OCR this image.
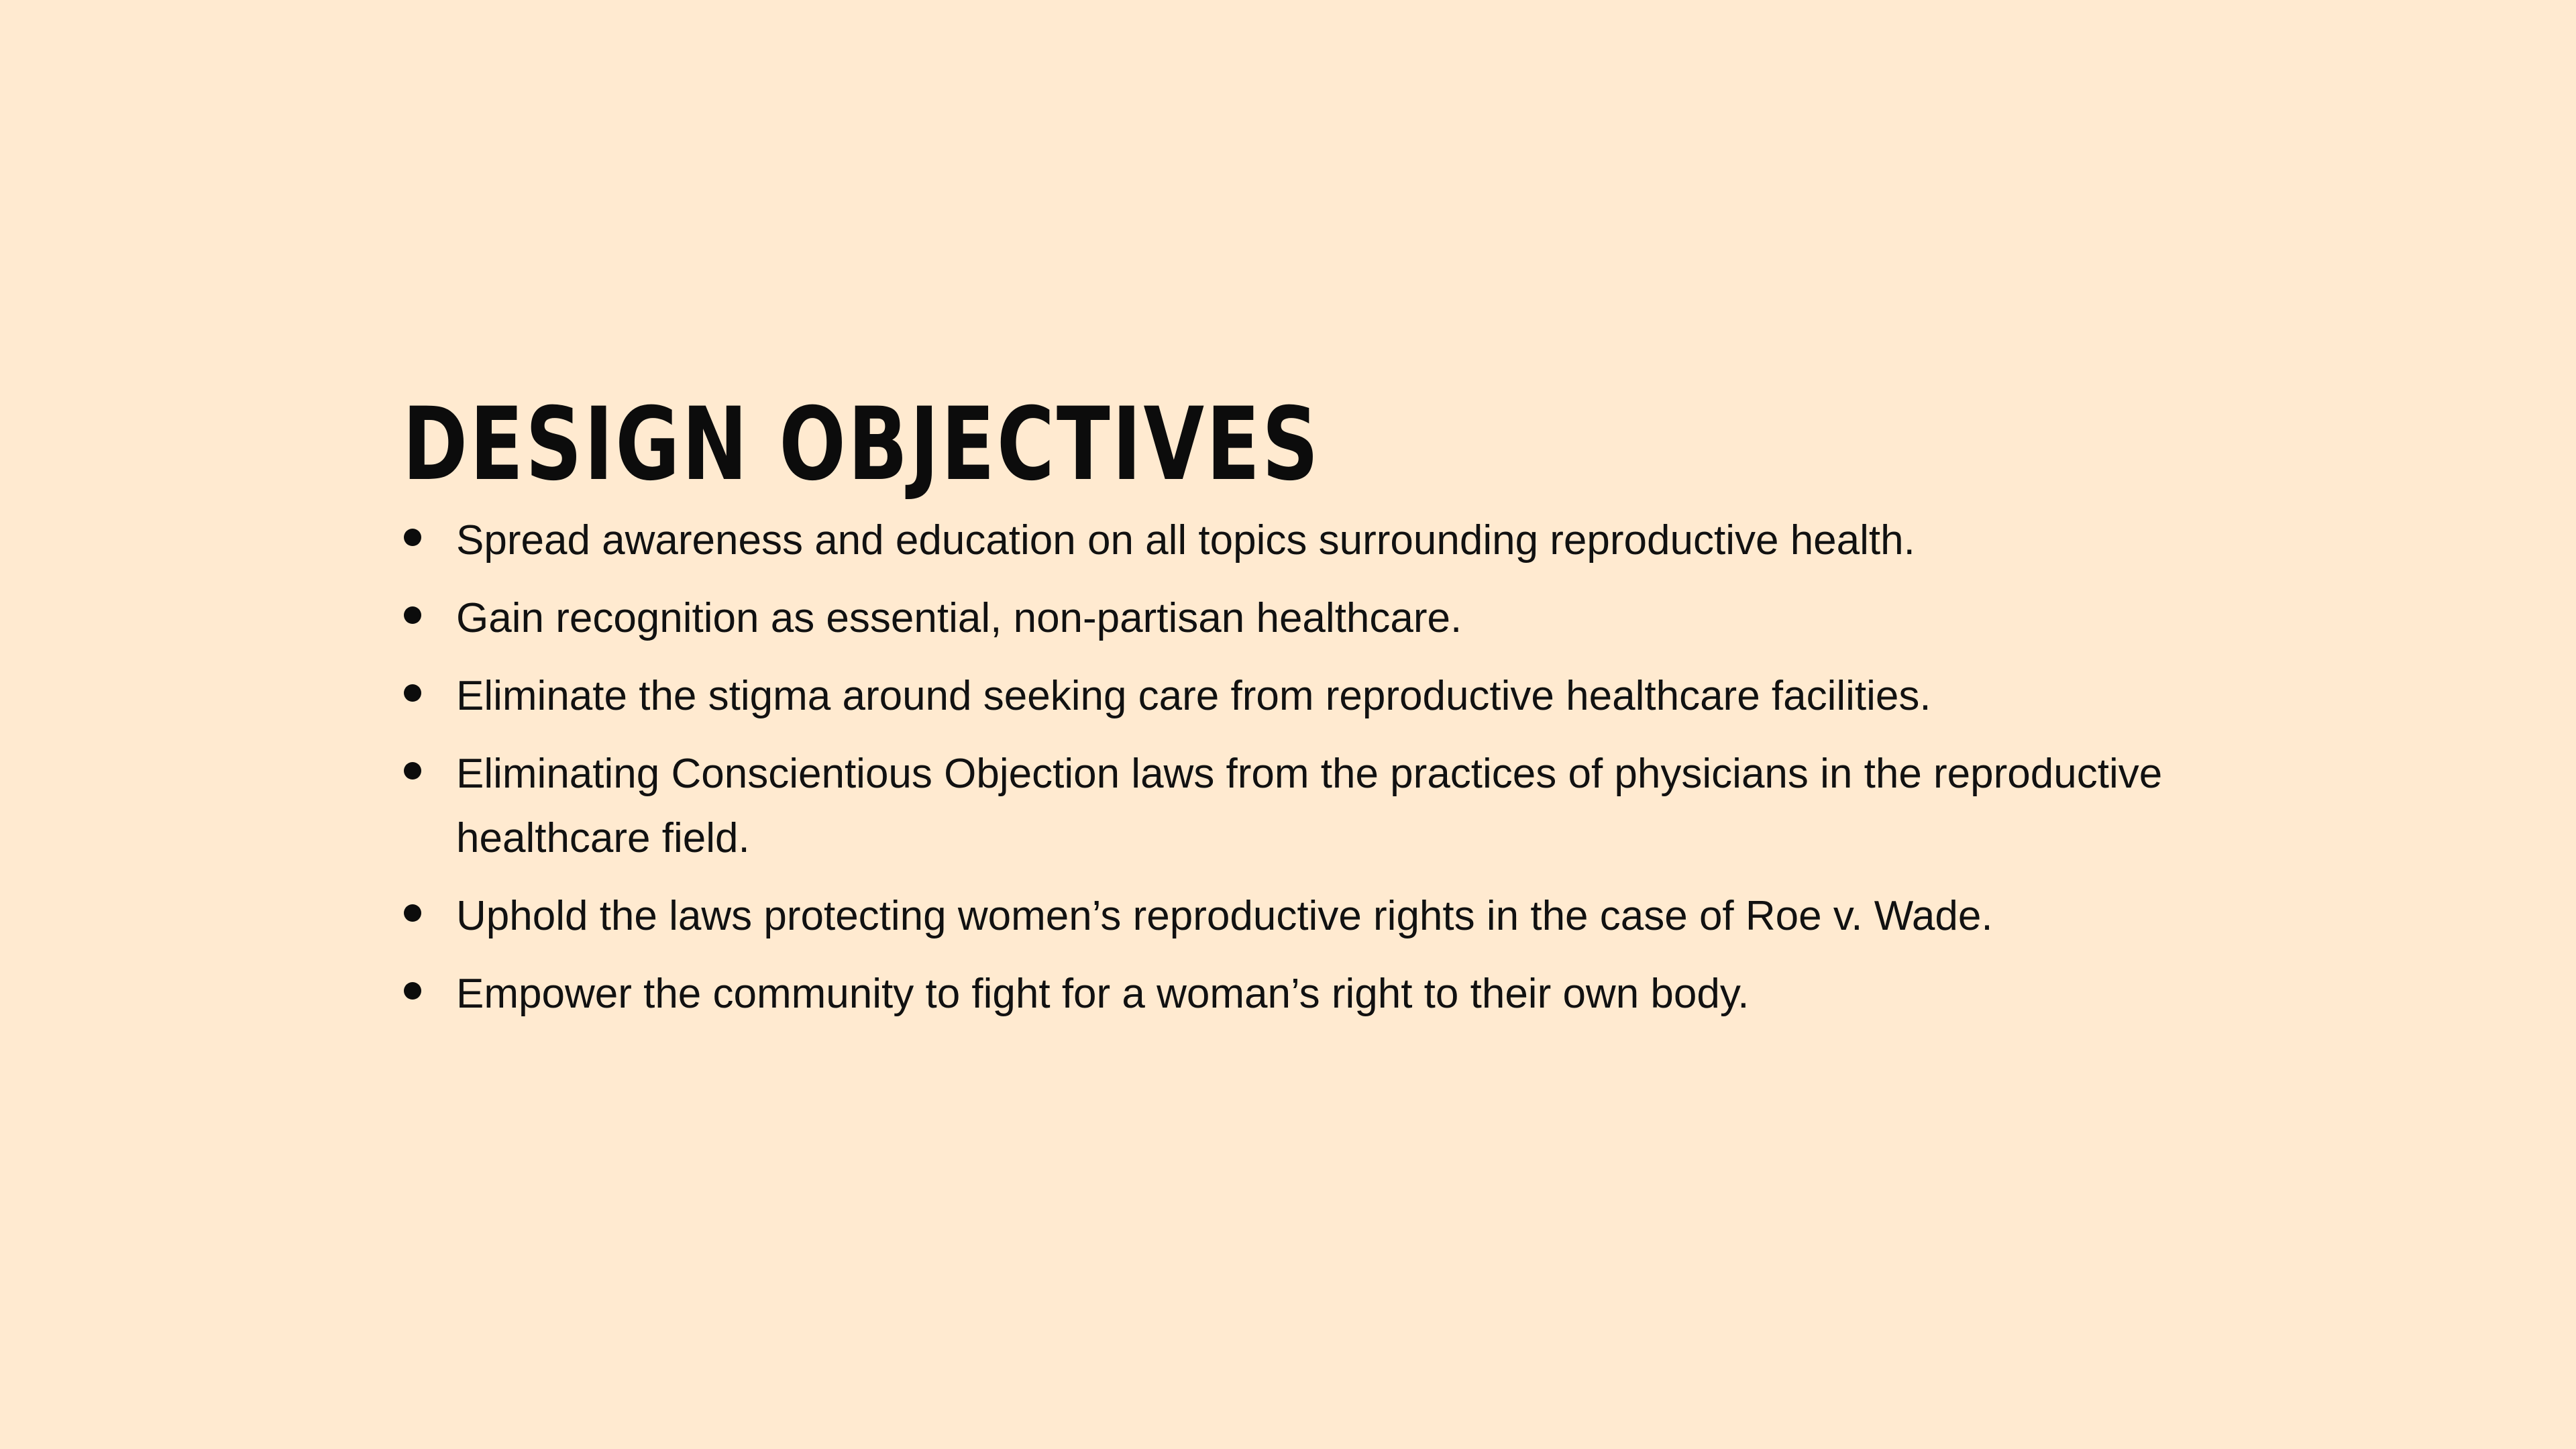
DESIGN OBJECTIVES
Spread awareness and education on all topics surrounding reproductive health.
Gain recognition as essential, non-partisan healthcare.
Eliminate the stigma around seeking care from reproductive healthcare facilities.
Eliminating Conscientious Objection laws from the practices of physicians in the reproductive healthcare field.
Uphold the laws protecting women’s reproductive rights in the case of Roe v. Wade.
Empower the community to fight for a woman’s right to their own body.
